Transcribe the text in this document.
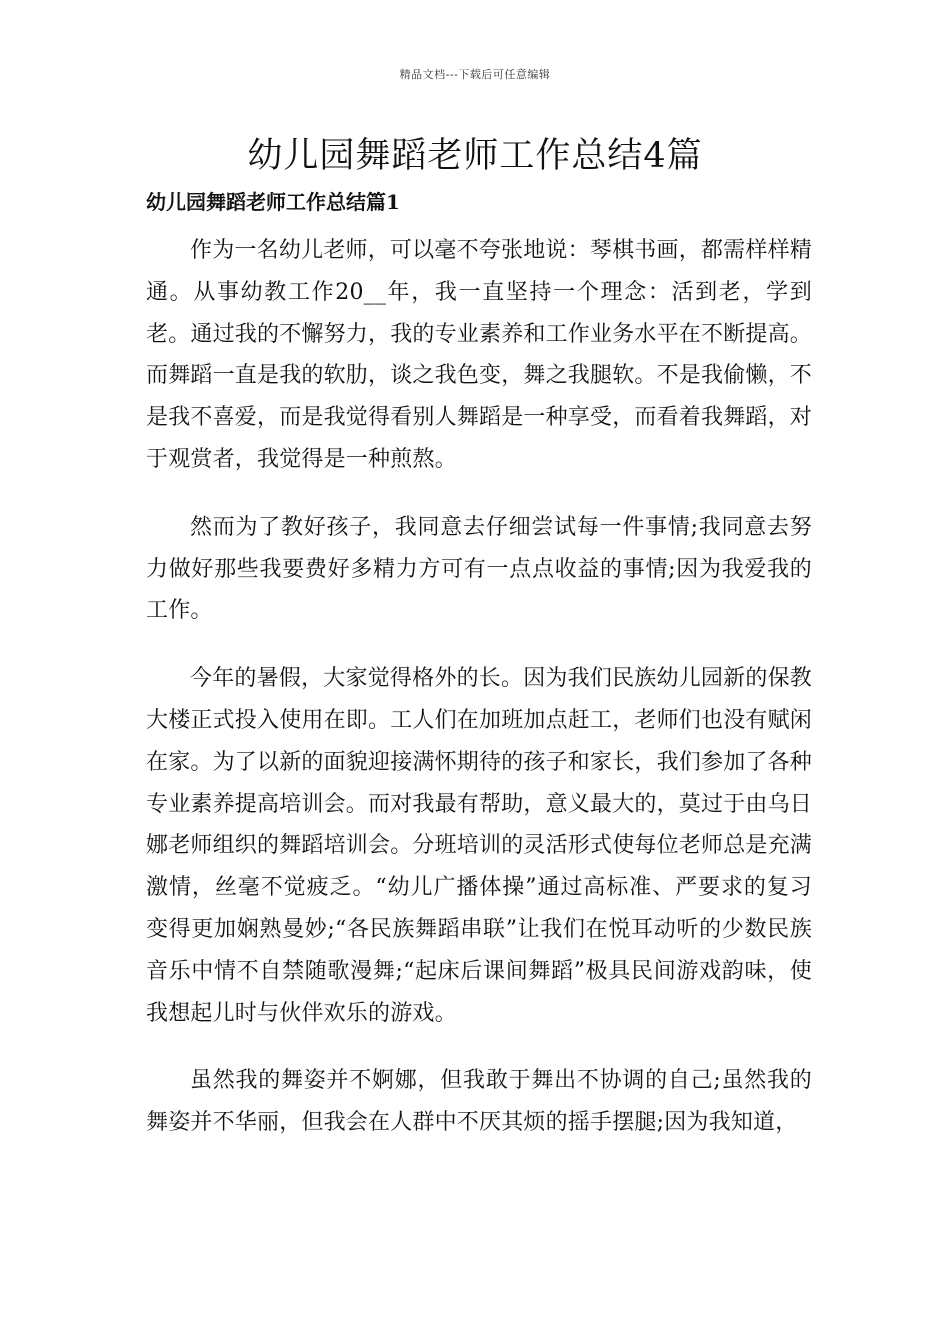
精品文档---下载后可任意编辑
幼儿园舞蹈老师工作总结4篇
幼儿园舞蹈老师工作总结篇1

作为一名幼儿老师，可以毫不夸张地说：琴棋书画，都需样样精通。从事幼教工作20__年，我一直坚持一个理念：活到老，学到老。通过我的不懈努力，我的专业素养和工作业务水平在不断提高。而舞蹈一直是我的软肋，谈之我色变，舞之我腿软。不是我偷懒，不是我不喜爱，而是我觉得看别人舞蹈是一种享受，而看着我舞蹈，对于观赏者，我觉得是一种煎熬。

然而为了教好孩子，我同意去仔细尝试每一件事情;我同意去努力做好那些我要费好多精力方可有一点点收益的事情;因为我爱我的工作。

今年的暑假，大家觉得格外的长。因为我们民族幼儿园新的保教大楼正式投入使用在即。工人们在加班加点赶工，老师们也没有赋闲在家。为了以新的面貌迎接满怀期待的孩子和家长，我们参加了各种专业素养提高培训会。而对我最有帮助，意义最大的，莫过于由乌日娜老师组织的舞蹈培训会。分班培训的灵活形式使每位老师总是充满激情，丝毫不觉疲乏。“幼儿广播体操”通过高标准、严要求的复习变得更加娴熟曼妙;“各民族舞蹈串联”让我们在悦耳动听的少数民族音乐中情不自禁随歌漫舞;“起床后课间舞蹈”极具民间游戏韵味，使我想起儿时与伙伴欢乐的游戏。

虽然我的舞姿并不婀娜，但我敢于舞出不协调的自己;虽然我的舞姿并不华丽，但我会在人群中不厌其烦的摇手摆腿;因为我知道，
